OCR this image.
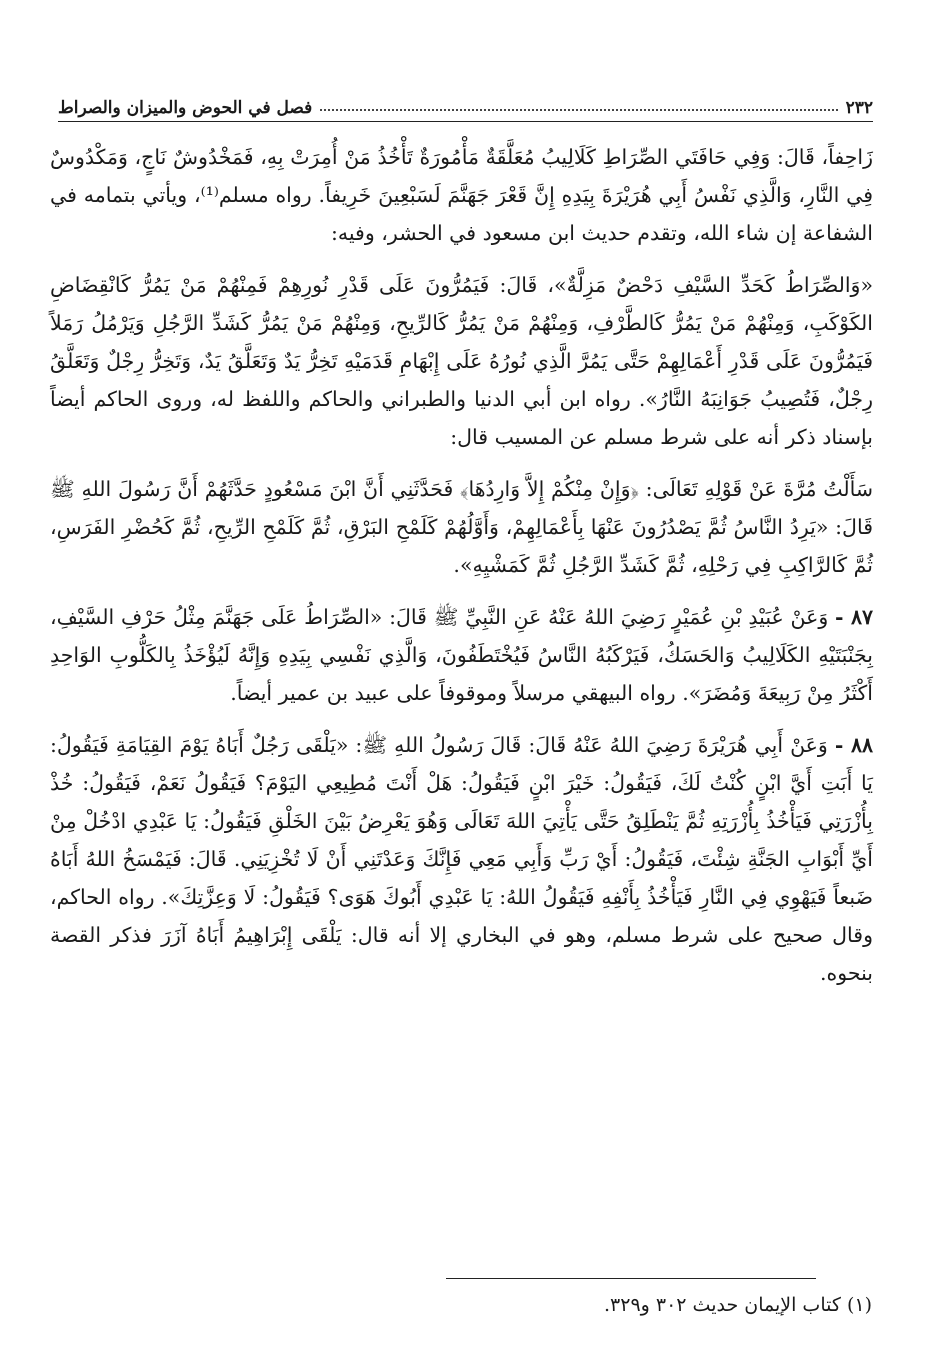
٢٣٢
فصل في الحوض والميزان والصراط

زَاحِفاً، قَالَ: وَفِي حَافَتَي الصِّرَاطِ كَلَالِيبُ مُعَلَّقَةٌ مَأْمُورَةٌ تَأْخُذُ مَنْ أُمِرَتْ بِهِ، فَمَخْدُوشٌ نَاجٍ، وَمَكْدُوسٌ فِي النَّارِ، وَالَّذِي نَفْسُ أَبِي هُرَيْرَةَ بِيَدِهِ إِنَّ قَعْرَ جَهَنَّمَ لَسَبْعِينَ خَرِيفاً. رواه مسلم⁽¹⁾، ويأتي بتمامه في الشفاعة إن شاء الله، وتقدم حديث ابن مسعود في الحشر، وفيه:

«وَالصِّرَاطُ كَحَدِّ السَّيْفِ دَحْضٌ مَزِلَّةٌ»، قَالَ: فَيَمُرُّونَ عَلَى قَدْرِ نُورِهِمْ فَمِنْهُمْ مَنْ يَمُرُّ كَانْقِضَاضِ الكَوْكَبِ، وَمِنْهُمْ مَنْ يَمُرُّ كَالطَّرْفِ، وَمِنْهُمْ مَنْ يَمُرُّ كَالرِّيحِ، وَمِنْهُمْ مَنْ يَمُرُّ كَشَدِّ الرَّجُلِ وَيَرْمُلُ رَمَلاً فَيَمُرُّونَ عَلَى قَدْرِ أَعْمَالِهِمْ حَتَّى يَمُرَّ الَّذِي نُورُهُ عَلَى إِبْهَامِ قَدَمَيْهِ تَخِرُّ يَدٌ وَتَعَلَّقُ يَدٌ، وَتَخِرُّ رِجْلٌ وَتَعَلَّقُ رِجْلٌ، فَتُصِيبُ جَوَانِبَهُ النَّارُ». رواه ابن أبي الدنيا والطبراني والحاكم واللفظ له، وروى الحاكم أيضاً بإسناد ذكر أنه على شرط مسلم عن المسيب قال:

سَأَلْتُ مُرَّةَ عَنْ قَوْلِهِ تَعَالَى: ﴿وَإِنْ مِنْكُمْ إِلاَّ وَارِدُهَا﴾ فَحَدَّثَنِي أَنَّ ابْنَ مَسْعُودٍ حَدَّثَهُمْ أَنَّ رَسُولَ اللهِ ﷺ قَالَ: «يَرِدُ النَّاسُ ثُمَّ يَصْدُرُونَ عَنْهَا بِأَعْمَالِهِمْ، وَأَوَّلُهُمْ كَلَمْحِ البَرْقِ، ثُمَّ كَلَمْحِ الرِّيحِ، ثُمَّ كَحُضْرِ الفَرَسِ، ثُمَّ كَالرَّاكِبِ فِي رَحْلِهِ، ثُمَّ كَشَدِّ الرَّجُلِ ثُمَّ كَمَشْيِهِ».

٨٧ - وَعَنْ عُبَيْدِ بْنِ عُمَيْرٍ رَضِيَ اللهُ عَنْهُ عَنِ النَّبِيِّ ﷺ قَالَ: «الصِّرَاطُ عَلَى جَهَنَّمَ مِثْلُ حَرْفِ السَّيْفِ، بِجَنْبَتَيْهِ الكَلَالِيبُ وَالحَسَكُ، فَيَرْكَبُهُ النَّاسُ فَيُخْتَطَفُونَ، وَالَّذِي نَفْسِي بِيَدِهِ وَإِنَّهُ لَيُؤْخَذُ بِالكَلُّوبِ الوَاحِدِ أَكْثَرُ مِنْ رَبِيعَةَ وَمُضَرَ». رواه البيهقي مرسلاً وموقوفاً على عبيد بن عمير أيضاً.

٨٨ - وَعَنْ أَبِي هُرَيْرَةَ رَضِيَ اللهُ عَنْهُ قَالَ: قَالَ رَسُولُ اللهِ ﷺ: «يَلْقَى رَجُلٌ أَبَاهُ يَوْمَ القِيَامَةِ فَيَقُولُ: يَا أَبَتِ أَيَّ ابْنٍ كُنْتُ لَكَ، فَيَقُولُ: خَيْرَ ابْنٍ فَيَقُولُ: هَلْ أَنْتَ مُطِيعِي اليَوْمَ؟ فَيَقُولُ نَعَمْ، فَيَقُولُ: خُذْ بِأُزْرَتِي فَيَأْخُذُ بِأُزْرَتِهِ ثُمَّ يَنْطَلِقُ حَتَّى يَأْتِيَ اللهَ تَعَالَى وَهُوَ يَعْرِضُ بَيْنَ الخَلْقِ فَيَقُولُ: يَا عَبْدِي ادْخُلْ مِنْ أَيِّ أَبْوَابِ الجَنَّةِ شِئْتَ، فَيَقُولُ: أَيْ رَبِّ وَأَبِي مَعِي فَإِنَّكَ وَعَدْتَنِي أَنْ لَا تُخْزِيَنِي. قَالَ: فَيَمْسَخُ اللهُ أَبَاهُ ضَبعاً فَيَهْوِي فِي النَّارِ فَيَأْخُذُ بِأَنْفِهِ فَيَقُولُ اللهُ: يَا عَبْدِي أَبُوكَ هَوَى؟ فَيَقُولُ: لَا وَعِزَّتِكَ». رواه الحاكم، وقال صحيح على شرط مسلم، وهو في البخاري إلا أنه قال: يَلْقَى إِبْرَاهِيمُ أَبَاهُ آزَرَ فذكر القصة بنحوه.

(١) كتاب الإيمان حديث ٣٠٢ و٣٢٩.
